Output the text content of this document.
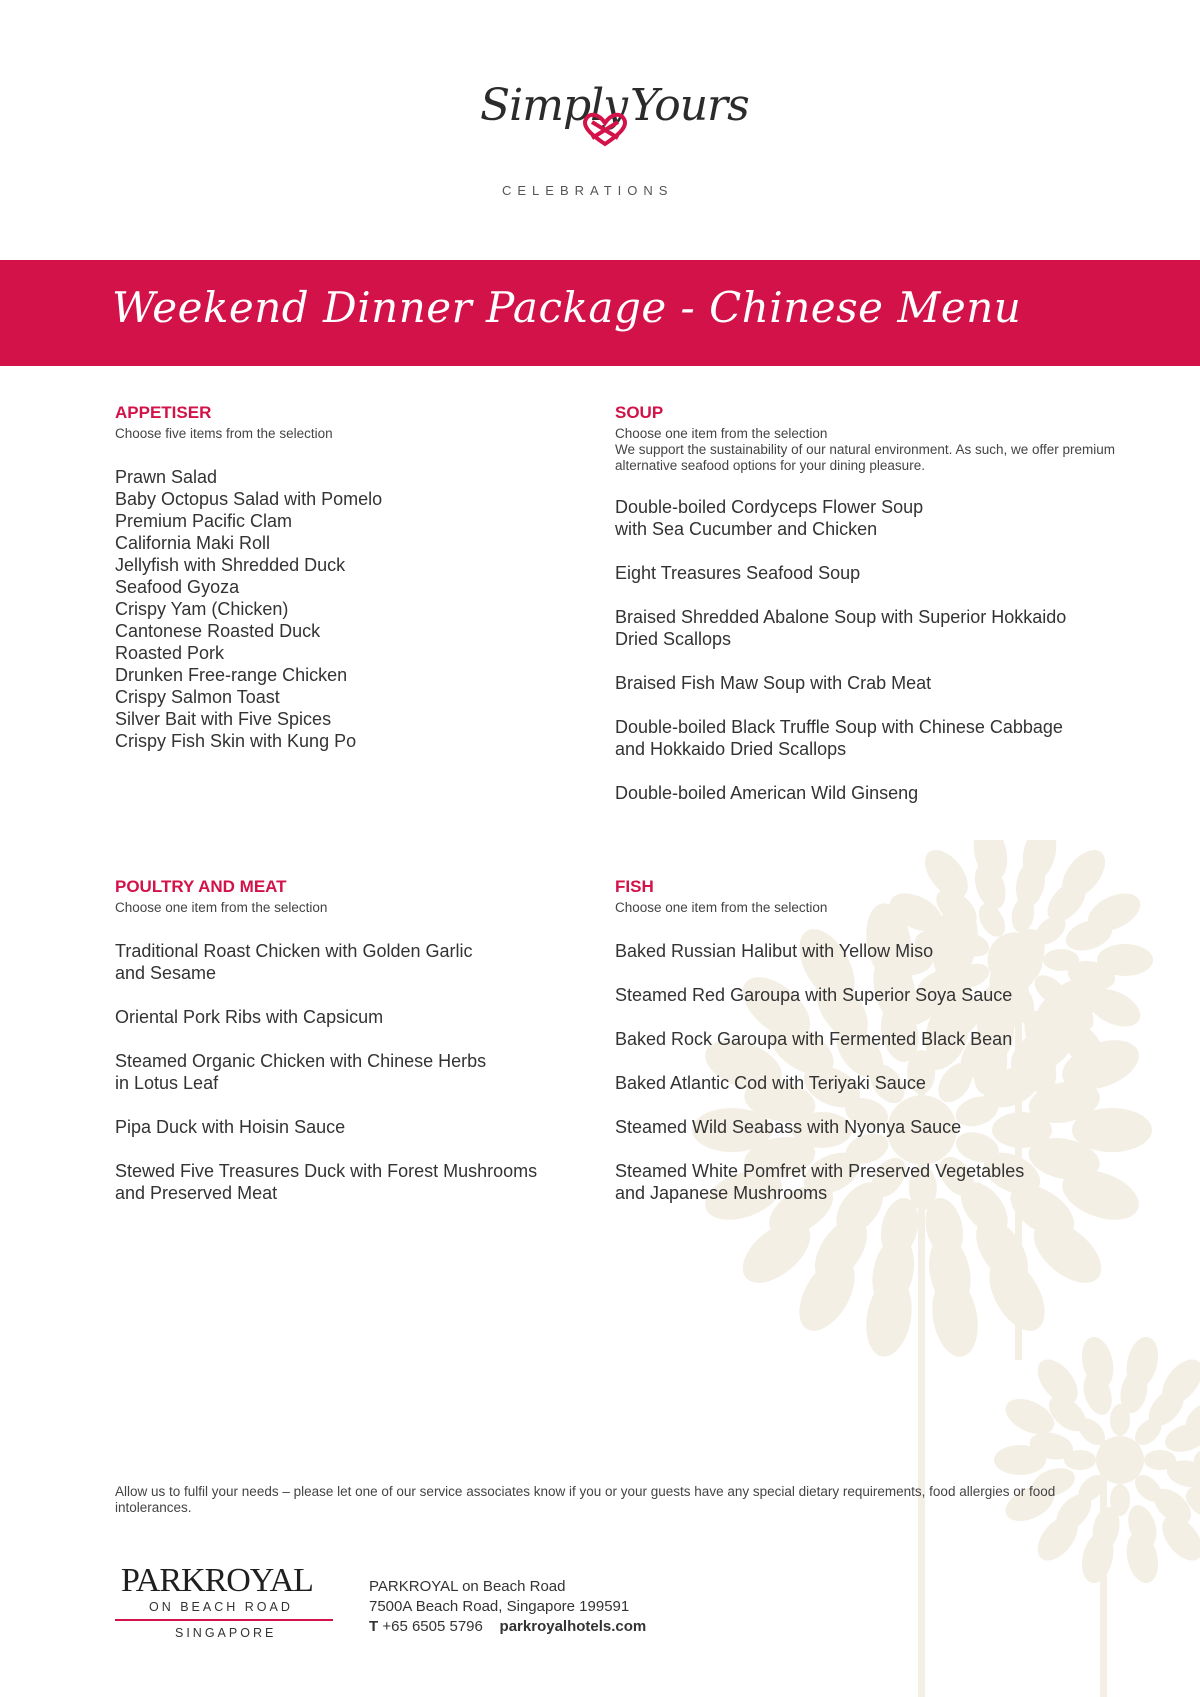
Simply Yours
CELEBRATIONS
Weekend Dinner Package - Chinese Menu
APPETISER

Choose five items from the selection

Prawn Salad
Baby Octopus Salad with Pomelo
Premium Pacific Clam
California Maki Roll
Jellyfish with Shredded Duck
Seafood Gyoza
Crispy Yam (Chicken)
Cantonese Roasted Duck
Roasted Pork
Drunken Free-range Chicken
Crispy Salmon Toast
Silver Bait with Five Spices
Crispy Fish Skin with Kung Po
SOUP

Choose one item from the selection

We support the sustainability of our natural environment. As such, we offer premium alternative seafood options for your dining pleasure.

Double-boiled Cordyceps Flower Soup
with Sea Cucumber and Chicken
Eight Treasures Seafood Soup
Braised Shredded Abalone Soup with Superior Hokkaido
Dried Scallops
Braised Fish Maw Soup with Crab Meat
Double-boiled Black Truffle Soup with Chinese Cabbage
and Hokkaido Dried Scallops
Double-boiled American Wild Ginseng
POULTRY AND MEAT

Choose one item from the selection

Traditional Roast Chicken with Golden Garlic
and Sesame
Oriental Pork Ribs with Capsicum
Steamed Organic Chicken with Chinese Herbs
in Lotus Leaf
Pipa Duck with Hoisin Sauce
Stewed Five Treasures Duck with Forest Mushrooms
and Preserved Meat
FISH

Choose one item from the selection

Baked Russian Halibut with Yellow Miso
Steamed Red Garoupa with Superior Soya Sauce
Baked Rock Garoupa with Fermented Black Bean
Baked Atlantic Cod with Teriyaki Sauce
Steamed Wild Seabass with Nyonya Sauce
Steamed White Pomfret with Preserved Vegetables
and Japanese Mushrooms
Allow us to fulfil your needs – please let one of our service associates know if you or your guests have any special dietary requirements, food allergies or food intolerances.
PARKROYAL
ON BEACH ROAD
SINGAPORE
PARKROYAL on Beach Road
7500A Beach Road, Singapore 199591
T +65 6505 5796 parkroyalhotels.com
